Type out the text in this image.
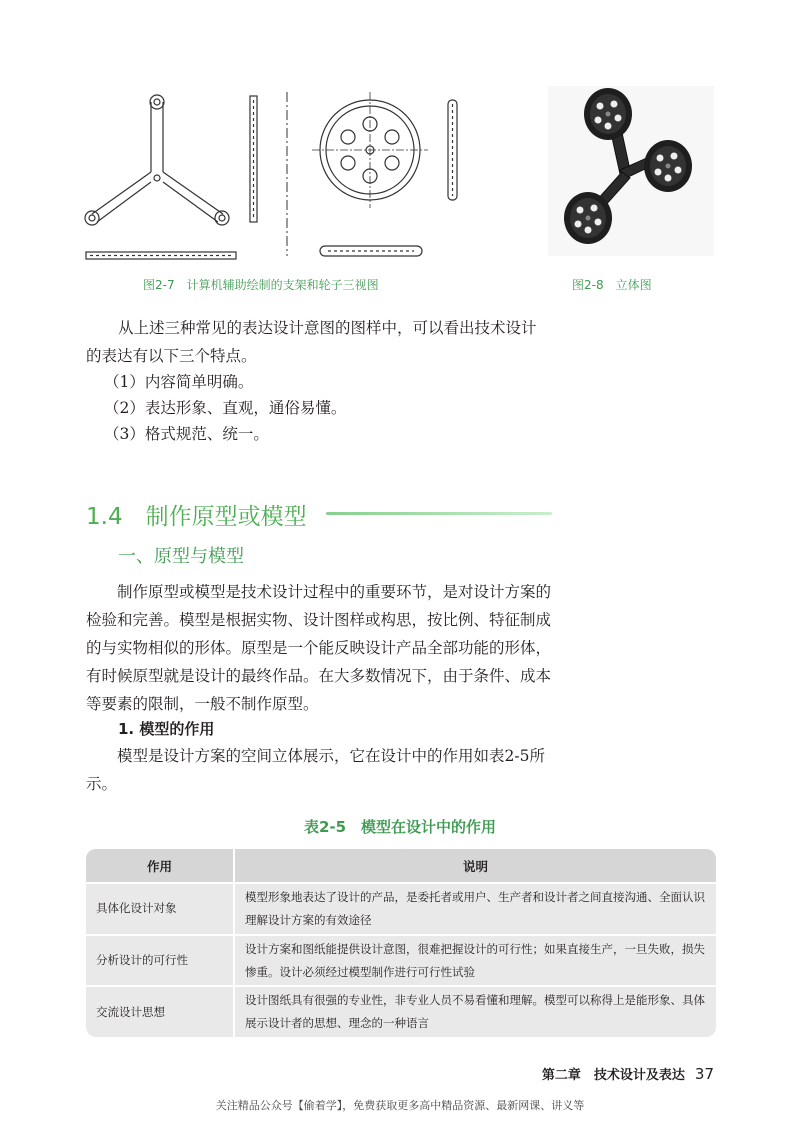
图2-7　计算机辅助绘制的支架和轮子三视图	图2-8　立体图
从上述三种常见的表达设计意图的图样中，可以看出技术设计
的表达有以下三个特点。
（1）内容简单明确。
（2）表达形象、直观，通俗易懂。
（3）格式规范、统一。
1.4　制作原型或模型
一、原型与模型
制作原型或模型是技术设计过程中的重要环节，是对设计方案的检验和完善。模型是根据实物、设计图样或构思，按比例、特征制成的与实物相似的形体。原型是一个能反映设计产品全部功能的形体，有时候原型就是设计的最终作品。在大多数情况下，由于条件、成本等要素的限制，一般不制作原型。
1. 模型的作用
模型是设计方案的空间立体展示，它在设计中的作用如表2-5所示。
表2-5　模型在设计中的作用
作用	说明
具体化设计对象	模型形象地表达了设计的产品，是委托者或用户、生产者和设计者之间直接沟通、全面认识理解设计方案的有效途径
分析设计的可行性	设计方案和图纸能提供设计意图，很难把握设计的可行性；如果直接生产，一旦失败，损失惨重。设计必须经过模型制作进行可行性试验
交流设计思想	设计图纸具有很强的专业性，非专业人员不易看懂和理解。模型可以称得上是能形象、具体展示设计者的思想、理念的一种语言
第二章　技术设计及表达 37
关注精品公众号【偷着学】，免费获取更多高中精品资源、最新网课、讲义等
